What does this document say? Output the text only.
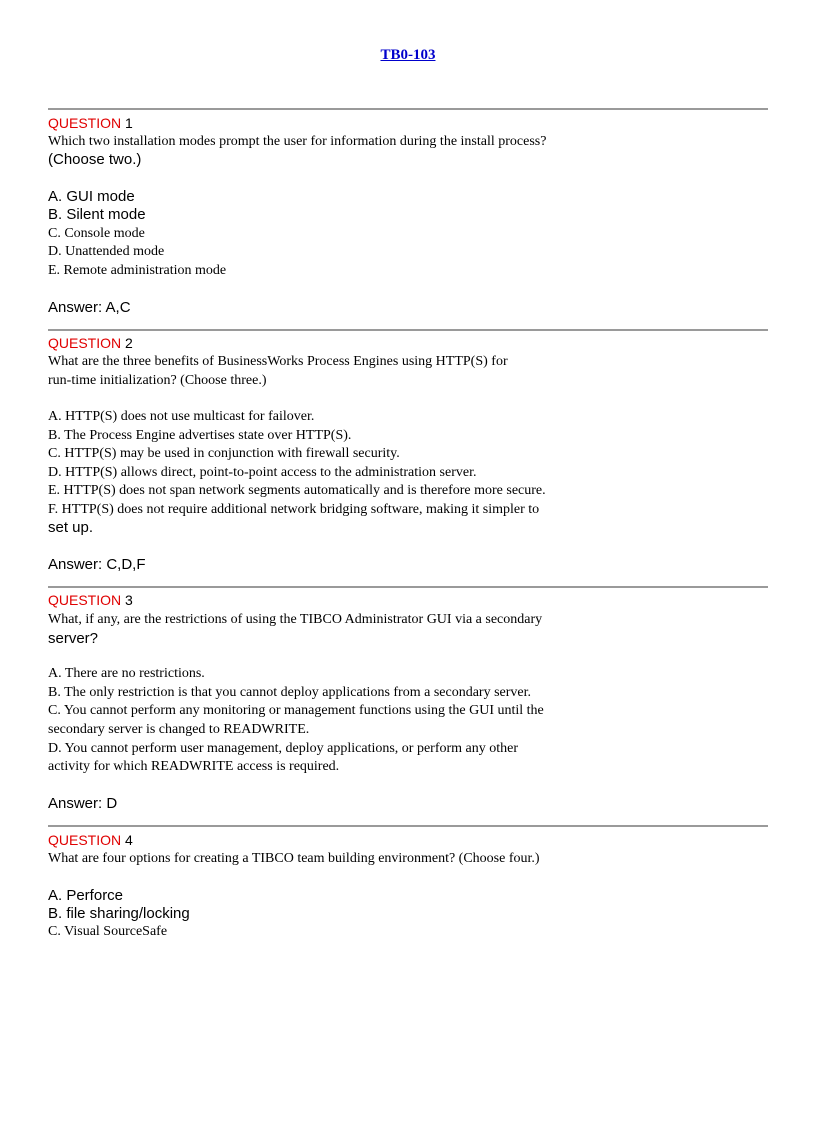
TB0-103
QUESTION 1
Which two installation modes prompt the user for information during the install process?
(Choose two.)
A. GUI mode
B. Silent mode
C. Console mode
D. Unattended mode
E. Remote administration mode
Answer: A,C
QUESTION 2
What are the three benefits of BusinessWorks Process Engines using HTTP(S) for
run-time initialization? (Choose three.)
A. HTTP(S) does not use multicast for failover.
B. The Process Engine advertises state over HTTP(S).
C. HTTP(S) may be used in conjunction with firewall security.
D. HTTP(S) allows direct, point-to-point access to the administration server.
E. HTTP(S) does not span network segments automatically and is therefore more secure.
F. HTTP(S) does not require additional network bridging software, making it simpler to
set up.
Answer: C,D,F
QUESTION 3
What, if any, are the restrictions of using the TIBCO Administrator GUI via a secondary
server?
A. There are no restrictions.
B. The only restriction is that you cannot deploy applications from a secondary server.
C. You cannot perform any monitoring or management functions using the GUI until the
secondary server is changed to READWRITE.
D. You cannot perform user management, deploy applications, or perform any other
activity for which READWRITE access is required.
Answer: D
QUESTION 4
What are four options for creating a TIBCO team building environment? (Choose four.)
A. Perforce
B. file sharing/locking
C. Visual SourceSafe
